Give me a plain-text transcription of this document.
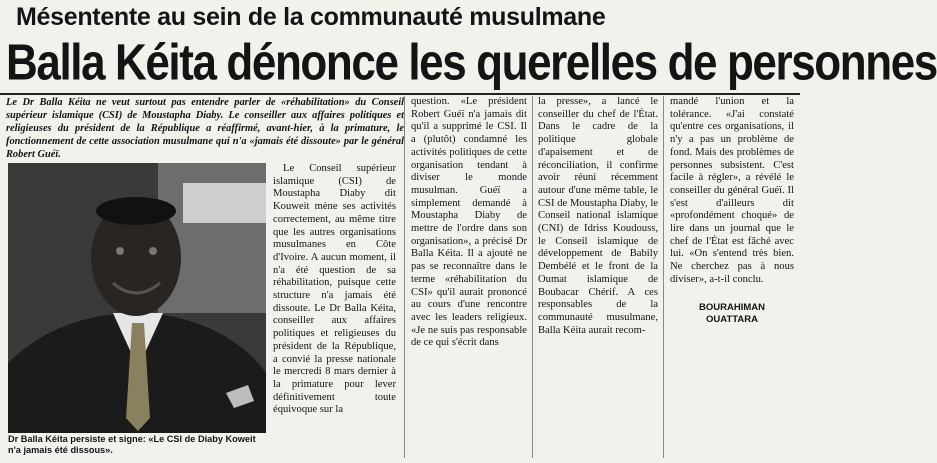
Mésentente au sein de la communauté musulmane
Balla Kéita dénonce les querelles de personnes

Le Dr Balla Kéita ne veut surtout pas entendre parler de «réhabilitation» du Conseil supérieur islamique (CSI) de Moustapha Diaby. Le conseiller aux affaires politiques et religieuses du président de la République a réaffirmé, avant-hier, à la primature, le fonctionnement de cette association musulmane qui n'a «jamais été dissoute» par le général Robert Guéï.

Dr Balla Kéita persiste et signe: «Le CSI de Diaby Koweit n'a jamais été dissous».

Le Conseil supérieur islamique (CSI) de Moustapha Diaby dit Kouweit mène ses activités correctement, au même titre que les autres organisations musulmanes en Côte d'Ivoire. A aucun moment, il n'a été question de sa réhabilitation, puisque cette structure n'a jamais été dissoute. Le Dr Balla Kéita, conseiller aux affaires politiques et religieuses du président de la République, a convié la presse nationale le mercredi 8 mars dernier à la primature pour lever définitivement toute équivoque sur la

question. «Le président Robert Guéï n'a jamais dit qu'il a supprimé le CSI. Il a (plutôt) condamné les activités politiques de cette organisation tendant à diviser le monde musulman. Guéï a simplement demandé à Moustapha Diaby de mettre de l'ordre dans son organisation», a précisé Dr Balla Kéita. Il a ajouté ne pas se reconnaître dans le terme «réhabilitation du CSI» qu'il aurait prononcé au cours d'une rencontre avec les leaders religieux. «Je ne suis pas responsable de ce qui s'écrit dans

la presse», a lancé le conseiller du chef de l'État. Dans le cadre de la politique globale d'apaisement et de réconciliation, il confirme avoir réuni récemment autour d'une même table, le CSI de Moustapha Diaby, le Conseil national islamique (CNI) de Idriss Koudouss, le Conseil islamique de développement de Babily Dembélé et le front de la Oumat islamique de Boubacar Chérif. A ces responsables de la communauté musulmane, Balla Kéita aurait recom-

mandé l'union et la tolérance. «J'ai constaté qu'entre ces organisations, il n'y a pas un problème de fond. Mais des problèmes de personnes subsistent. C'est facile à régler», a révélé le conseiller du général Guéï. Il s'est d'ailleurs dit «profondément choqué» de lire dans un journal que le chef de l'État est fâché avec lui. «On s'entend très bien. Ne cherchez pas à nous diviser», a-t-il conclu.

BOURAHIMAN
OUATTARA
